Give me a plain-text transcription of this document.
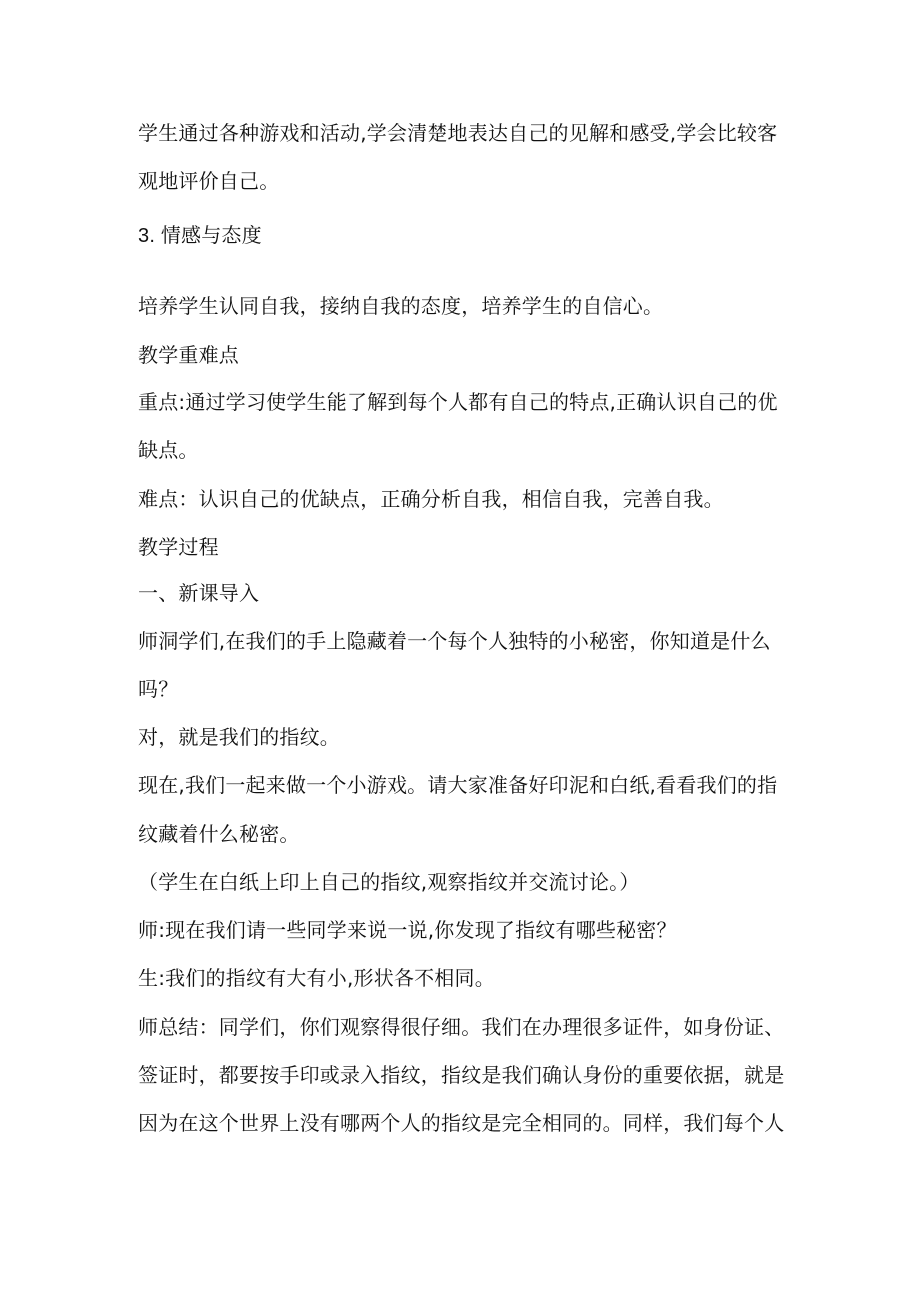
学生通过各种游戏和活动,学会清楚地表达自己的见解和感受,学会比较客
观地评价自己。
3. 情感与态度
培养学生认同自我，接纳自我的态度，培养学生的自信心。
教学重难点
重点:通过学习使学生能了解到每个人都有自己的特点,正确认识自己的优
缺点。
难点：认识自己的优缺点，正确分析自我，相信自我，完善自我。
教学过程
一、新课导入
师洞学们,在我们的手上隐藏着一个每个人独特的小秘密，你知道是什么
吗？
对，就是我们的指纹。
现在,我们一起来做一个小游戏。请大家准备好印泥和白纸,看看我们的指
纹藏着什么秘密。
（学生在白纸上印上自己的指纹,观察指纹并交流讨论。）
师:现在我们请一些同学来说一说,你发现了指纹有哪些秘密？
生:我们的指纹有大有小,形状各不相同。
师总结：同学们，你们观察得很仔细。我们在办理很多证件，如身份证、
签证时，都要按手印或录入指纹，指纹是我们确认身份的重要依据，就是
因为在这个世界上没有哪两个人的指纹是完全相同的。同样，我们每个人
